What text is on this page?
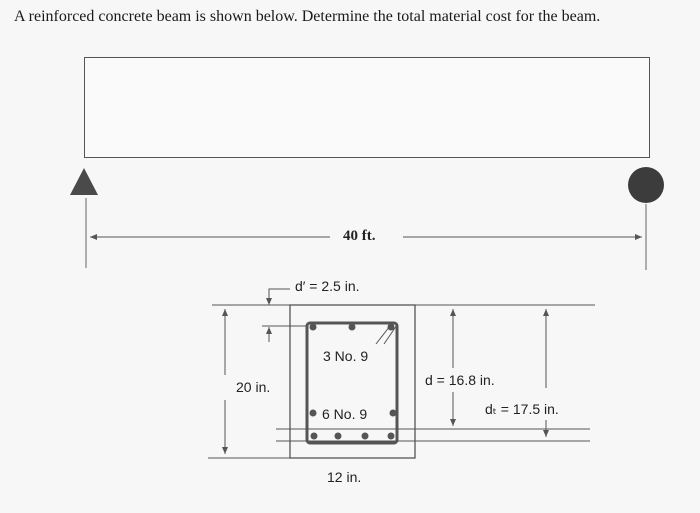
A reinforced concrete beam is shown below. Determine the total material cost for the beam.

40 ft.
d′ = 2.5 in.
20 in.
3 No. 9
6 No. 9
d = 16.8 in.
dₜ = 17.5 in.
12 in.
